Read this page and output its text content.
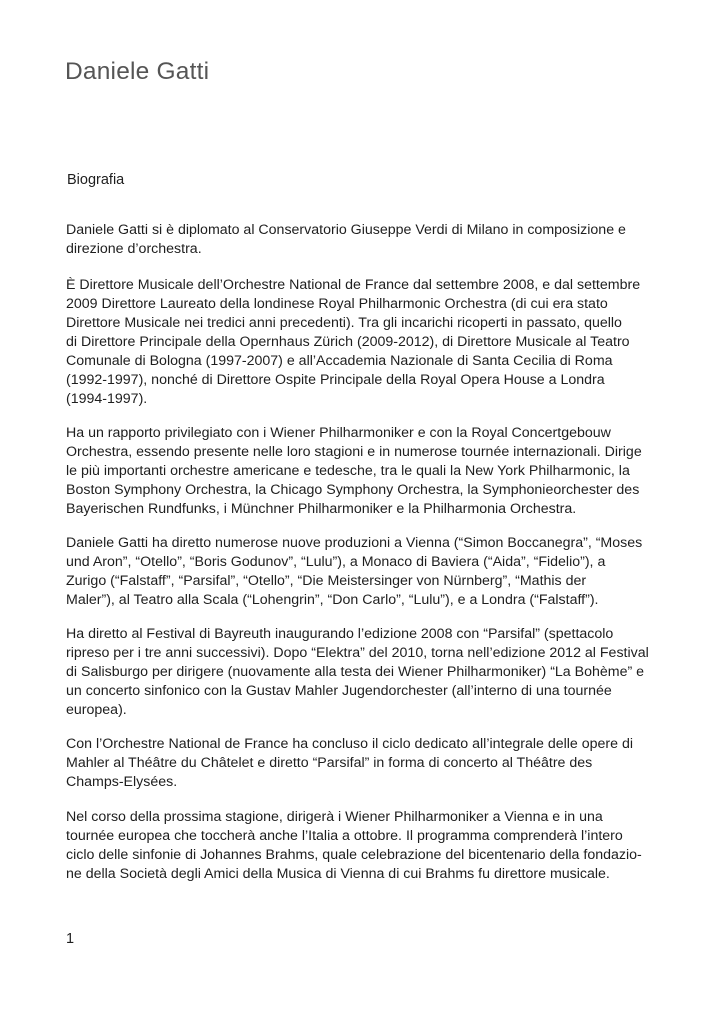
Daniele Gatti
Biografia
Daniele Gatti si è diplomato al Conservatorio Giuseppe Verdi di Milano in composizione e
direzione d’orchestra.
È Direttore Musicale dell’Orchestre National de France dal settembre 2008, e dal settembre
2009 Direttore Laureato della londinese Royal Philharmonic Orchestra (di cui era stato
Direttore Musicale nei tredici anni precedenti). Tra gli incarichi ricoperti in passato, quello
di Direttore Principale della Opernhaus Zürich (2009-2012), di Direttore Musicale al Teatro
Comunale di Bologna (1997-2007) e all’Accademia Nazionale di Santa Cecilia di Roma
(1992-1997), nonché di Direttore Ospite Principale della Royal Opera House a Londra
(1994-1997).
Ha un rapporto privilegiato con i Wiener Philharmoniker e con la Royal Concertgebouw
Orchestra, essendo presente nelle loro stagioni e in numerose tournée internazionali. Dirige
le più importanti orchestre americane e tedesche, tra le quali la New York Philharmonic, la
Boston Symphony Orchestra, la Chicago Symphony Orchestra, la Symphonieorchester des
Bayerischen Rundfunks, i Münchner Philharmoniker e la Philharmonia Orchestra.
Daniele Gatti ha diretto numerose nuove produzioni a Vienna (“Simon Boccanegra”, “Moses
und Aron”, “Otello”, “Boris Godunov”, “Lulu”), a Monaco di Baviera (“Aida”, “Fidelio”), a
Zurigo (“Falstaff”, “Parsifal”, “Otello”, “Die Meistersinger von Nürnberg”, “Mathis der
Maler”), al Teatro alla Scala (“Lohengrin”, “Don Carlo”, “Lulu”), e a Londra (“Falstaff”).
Ha diretto al Festival di Bayreuth inaugurando l’edizione 2008 con “Parsifal” (spettacolo
ripreso per i tre anni successivi). Dopo “Elektra” del 2010, torna nell’edizione 2012 al Festival
di Salisburgo per dirigere (nuovamente alla testa dei Wiener Philharmoniker) “La Bohème” e
un concerto sinfonico con la Gustav Mahler Jugendorchester (all’interno di una tournée
europea).
Con l’Orchestre National de France ha concluso il ciclo dedicato all’integrale delle opere di
Mahler al Théâtre du Châtelet e diretto “Parsifal” in forma di concerto al Théâtre des
Champs-Elysées.
Nel corso della prossima stagione, dirigerà i Wiener Philharmoniker a Vienna e in una
tournée europea che toccherà anche l’Italia a ottobre. Il programma comprenderà l’intero
ciclo delle sinfonie di Johannes Brahms, quale celebrazione del bicentenario della fondazio-
ne della Società degli Amici della Musica di Vienna di cui Brahms fu direttore musicale.
1
